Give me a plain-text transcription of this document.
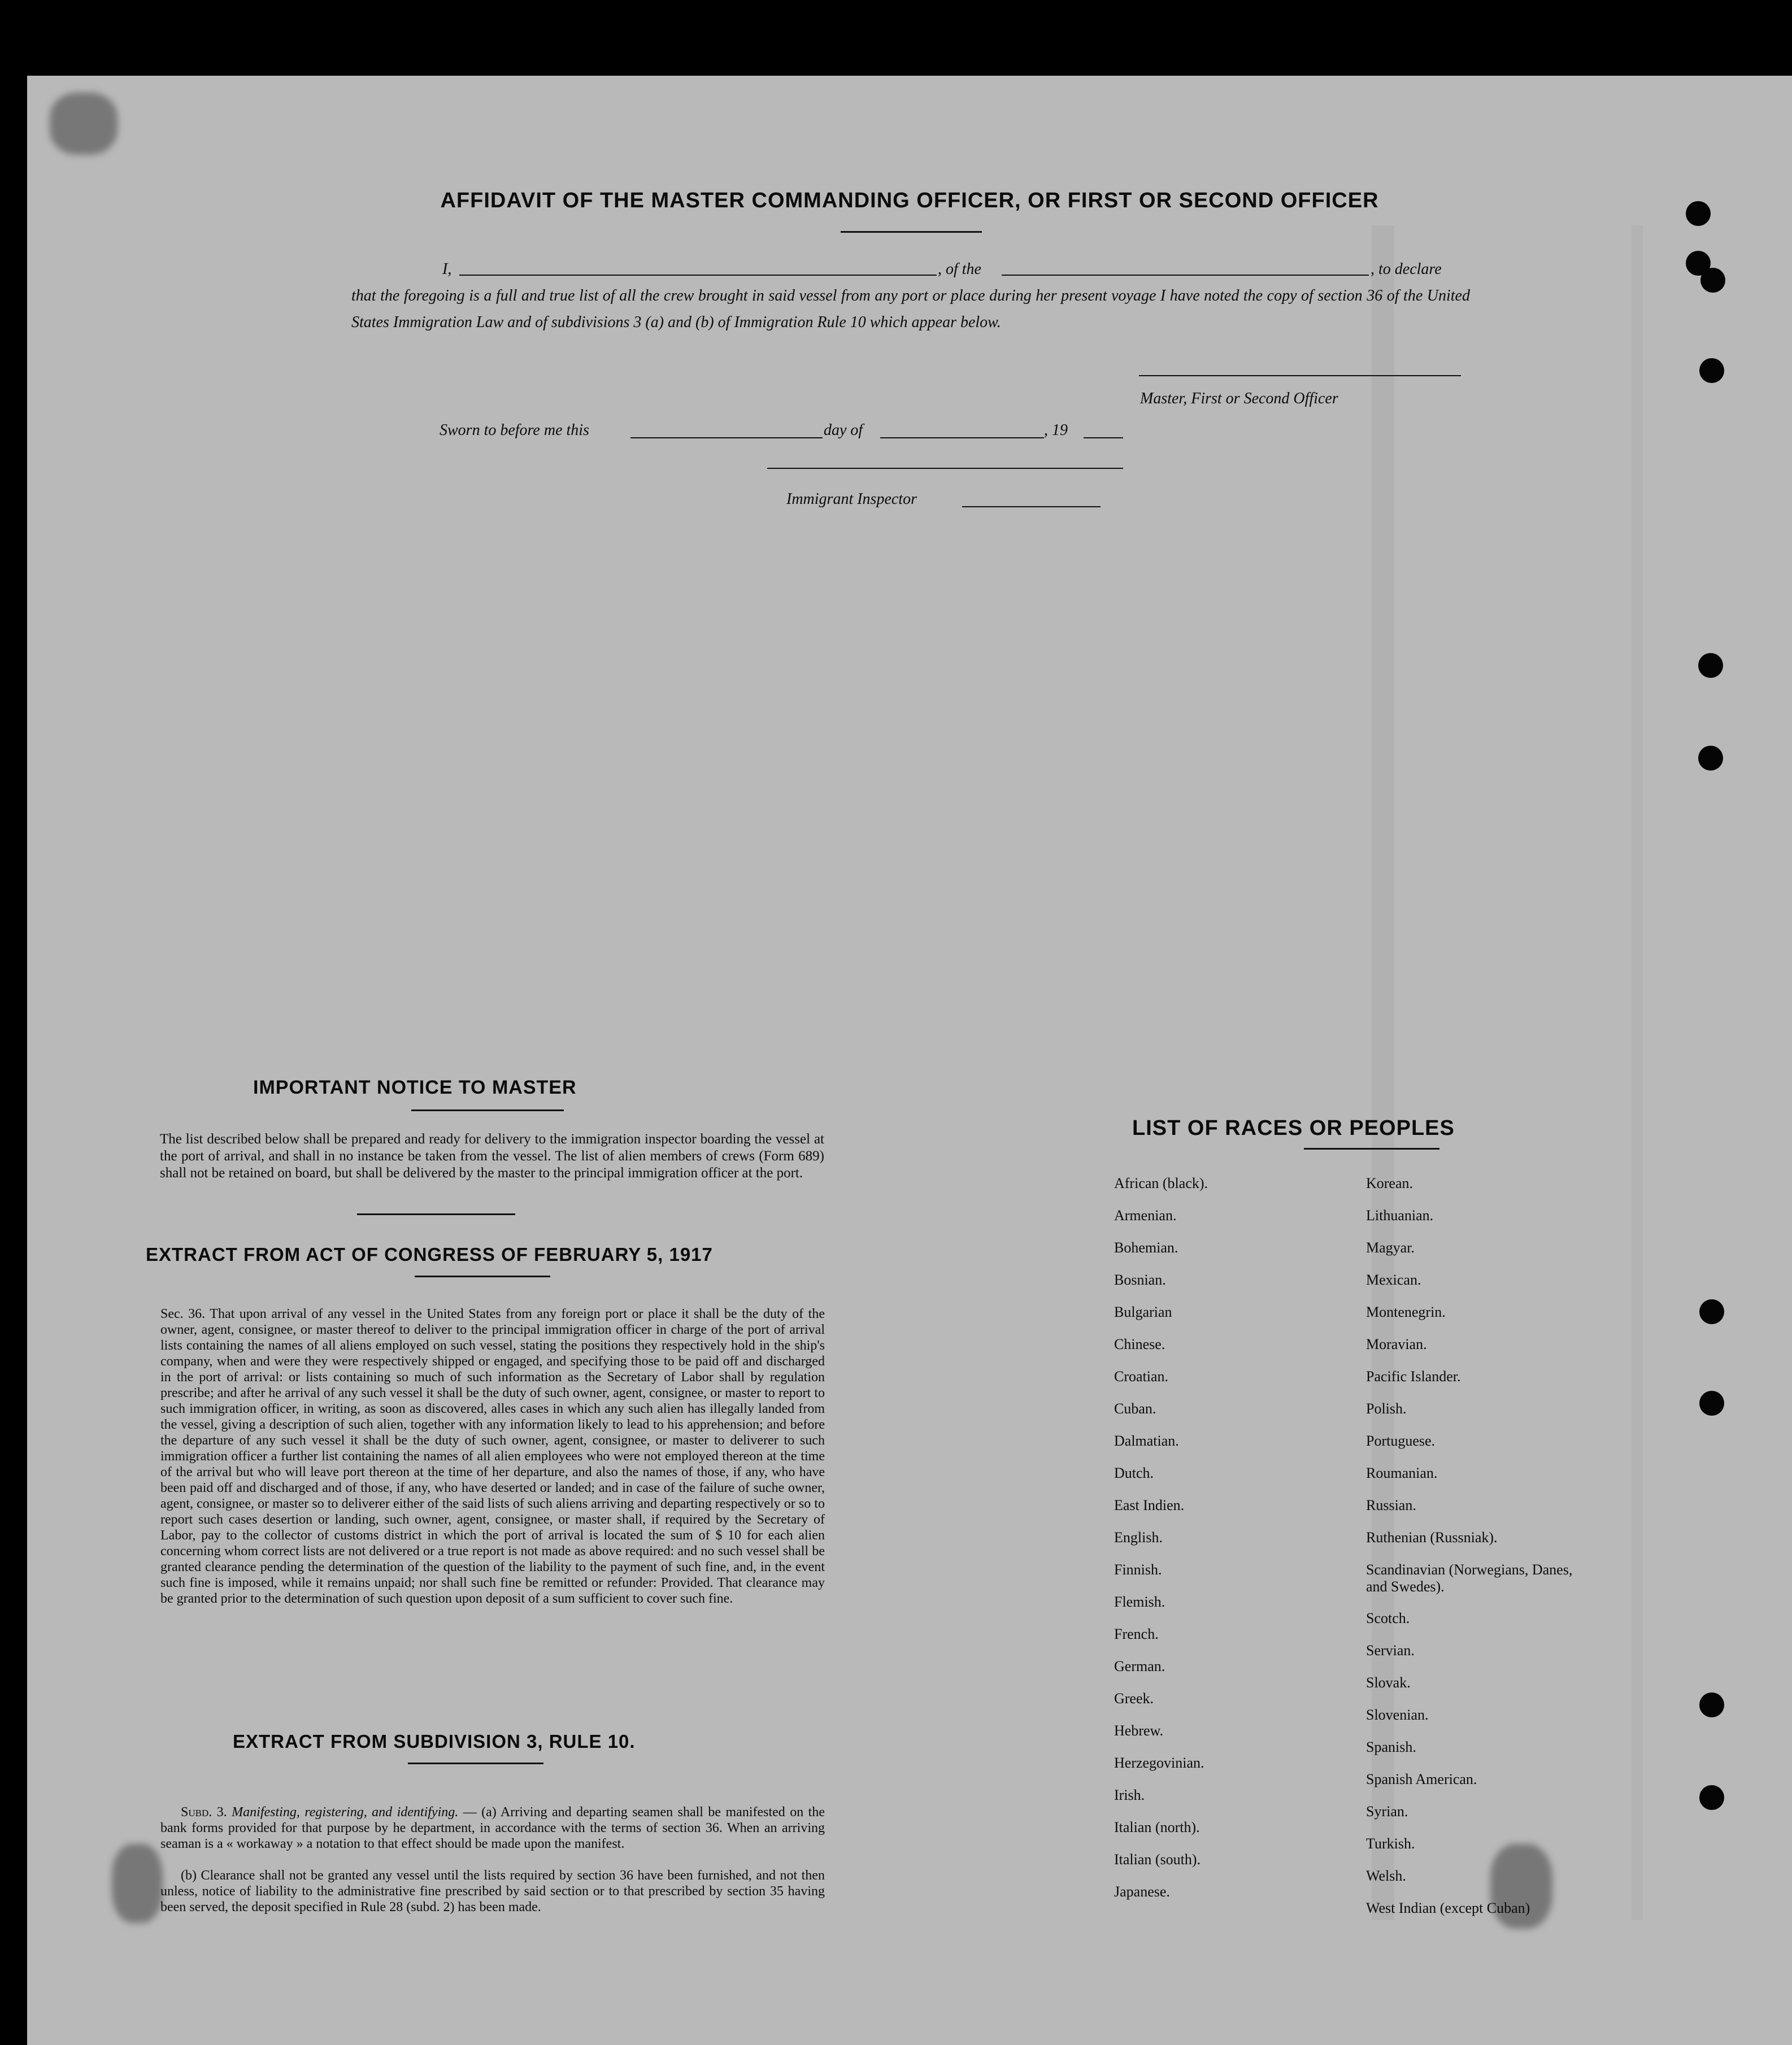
AFFIDAVIT OF THE MASTER COMMANDING OFFICER, OR FIRST OR SECOND OFFICER
I,	, of the	, to declare
that the foregoing is a full and true list of all the crew brought in said vessel from any port or place during her present voyage I have noted the copy of section 36 of the United States Immigration Law and of subdivisions 3 (a) and (b) of Immigration Rule 10 which appear below.
Master, First or Second Officer
Sworn to before me this	day of	, 19
Immigrant Inspector
IMPORTANT NOTICE TO MASTER
The list described below shall be prepared and ready for delivery to the immigration inspector boarding the vessel at the port of arrival, and shall in no instance be taken from the vessel. The list of alien members of crews (Form 689) shall not be retained on board, but shall be delivered by the master to the principal immigration officer at the port.
EXTRACT FROM ACT OF CONGRESS OF FEBRUARY 5, 1917
Sec. 36. That upon arrival of any vessel in the United States from any foreign port or place it shall be the duty of the owner, agent, consignee, or master thereof to deliver to the principal immigration officer in charge of the port of arrival lists containing the names of all aliens employed on such vessel, stating the positions they respectively hold in the ship's company, when and were they were respectively shipped or engaged, and specifying those to be paid off and discharged in the port of arrival: or lists containing so much of such information as the Secretary of Labor shall by regulation prescribe; and after he arrival of any such vessel it shall be the duty of such owner, agent, consignee, or master to report to such immigration officer, in writing, as soon as discovered, alles cases in which any such alien has illegally landed from the vessel, giving a description of such alien, together with any information likely to lead to his apprehension; and before the departure of any such vessel it shall be the duty of such owner, agent, consignee, or master to deliverer to such immigration officer a further list containing the names of all alien employees who were not employed thereon at the time of the arrival but who will leave port thereon at the time of her departure, and also the names of those, if any, who have been paid off and discharged and of those, if any, who have deserted or landed; and in case of the failure of suche owner, agent, consignee, or master so to deliverer either of the said lists of such aliens arriving and departing respectively or so to report such cases desertion or landing, such owner, agent, consignee, or master shall, if required by the Secretary of Labor, pay to the collector of customs district in which the port of arrival is located the sum of $ 10 for each alien concerning whom correct lists are not delivered or a true report is not made as above required: and no such vessel shall be granted clearance pending the determination of the question of the liability to the payment of such fine, and, in the event such fine is imposed, while it remains unpaid; nor shall such fine be remitted or refunder: Provided. That clearance may be granted prior to the determination of such question upon deposit of a sum sufficient to cover such fine.
EXTRACT FROM SUBDIVISION 3, RULE 10.
Subd. 3. Manifesting, registering, and identifying. — (a) Arriving and departing seamen shall be manifested on the bank forms provided for that purpose by he department, in accordance with the terms of section 36. When an arriving seaman is a « workaway » a notation to that effect should be made upon the manifest.
(b) Clearance shall not be granted any vessel until the lists required by section 36 have been furnished, and not then unless, notice of liability to the administrative fine prescribed by said section or to that prescribed by section 35 having been served, the deposit specified in Rule 28 (subd. 2) has been made.
LIST OF RACES OR PEOPLES
African (black).
Armenian.
Bohemian.
Bosnian.
Bulgarian
Chinese.
Croatian.
Cuban.
Dalmatian.
Dutch.
East Indien.
English.
Finnish.
Flemish.
French.
German.
Greek.
Hebrew.
Herzegovinian.
Irish.
Italian (north).
Italian (south).
Japanese.
Korean.
Lithuanian.
Magyar.
Mexican.
Montenegrin.
Moravian.
Pacific Islander.
Polish.
Portuguese.
Roumanian.
Russian.
Ruthenian (Russniak).
Scandinavian (Norwegians, Danes, and Swedes).
Scotch.
Servian.
Slovak.
Slovenian.
Spanish.
Spanish American.
Syrian.
Turkish.
Welsh.
West Indian (except Cuban)
